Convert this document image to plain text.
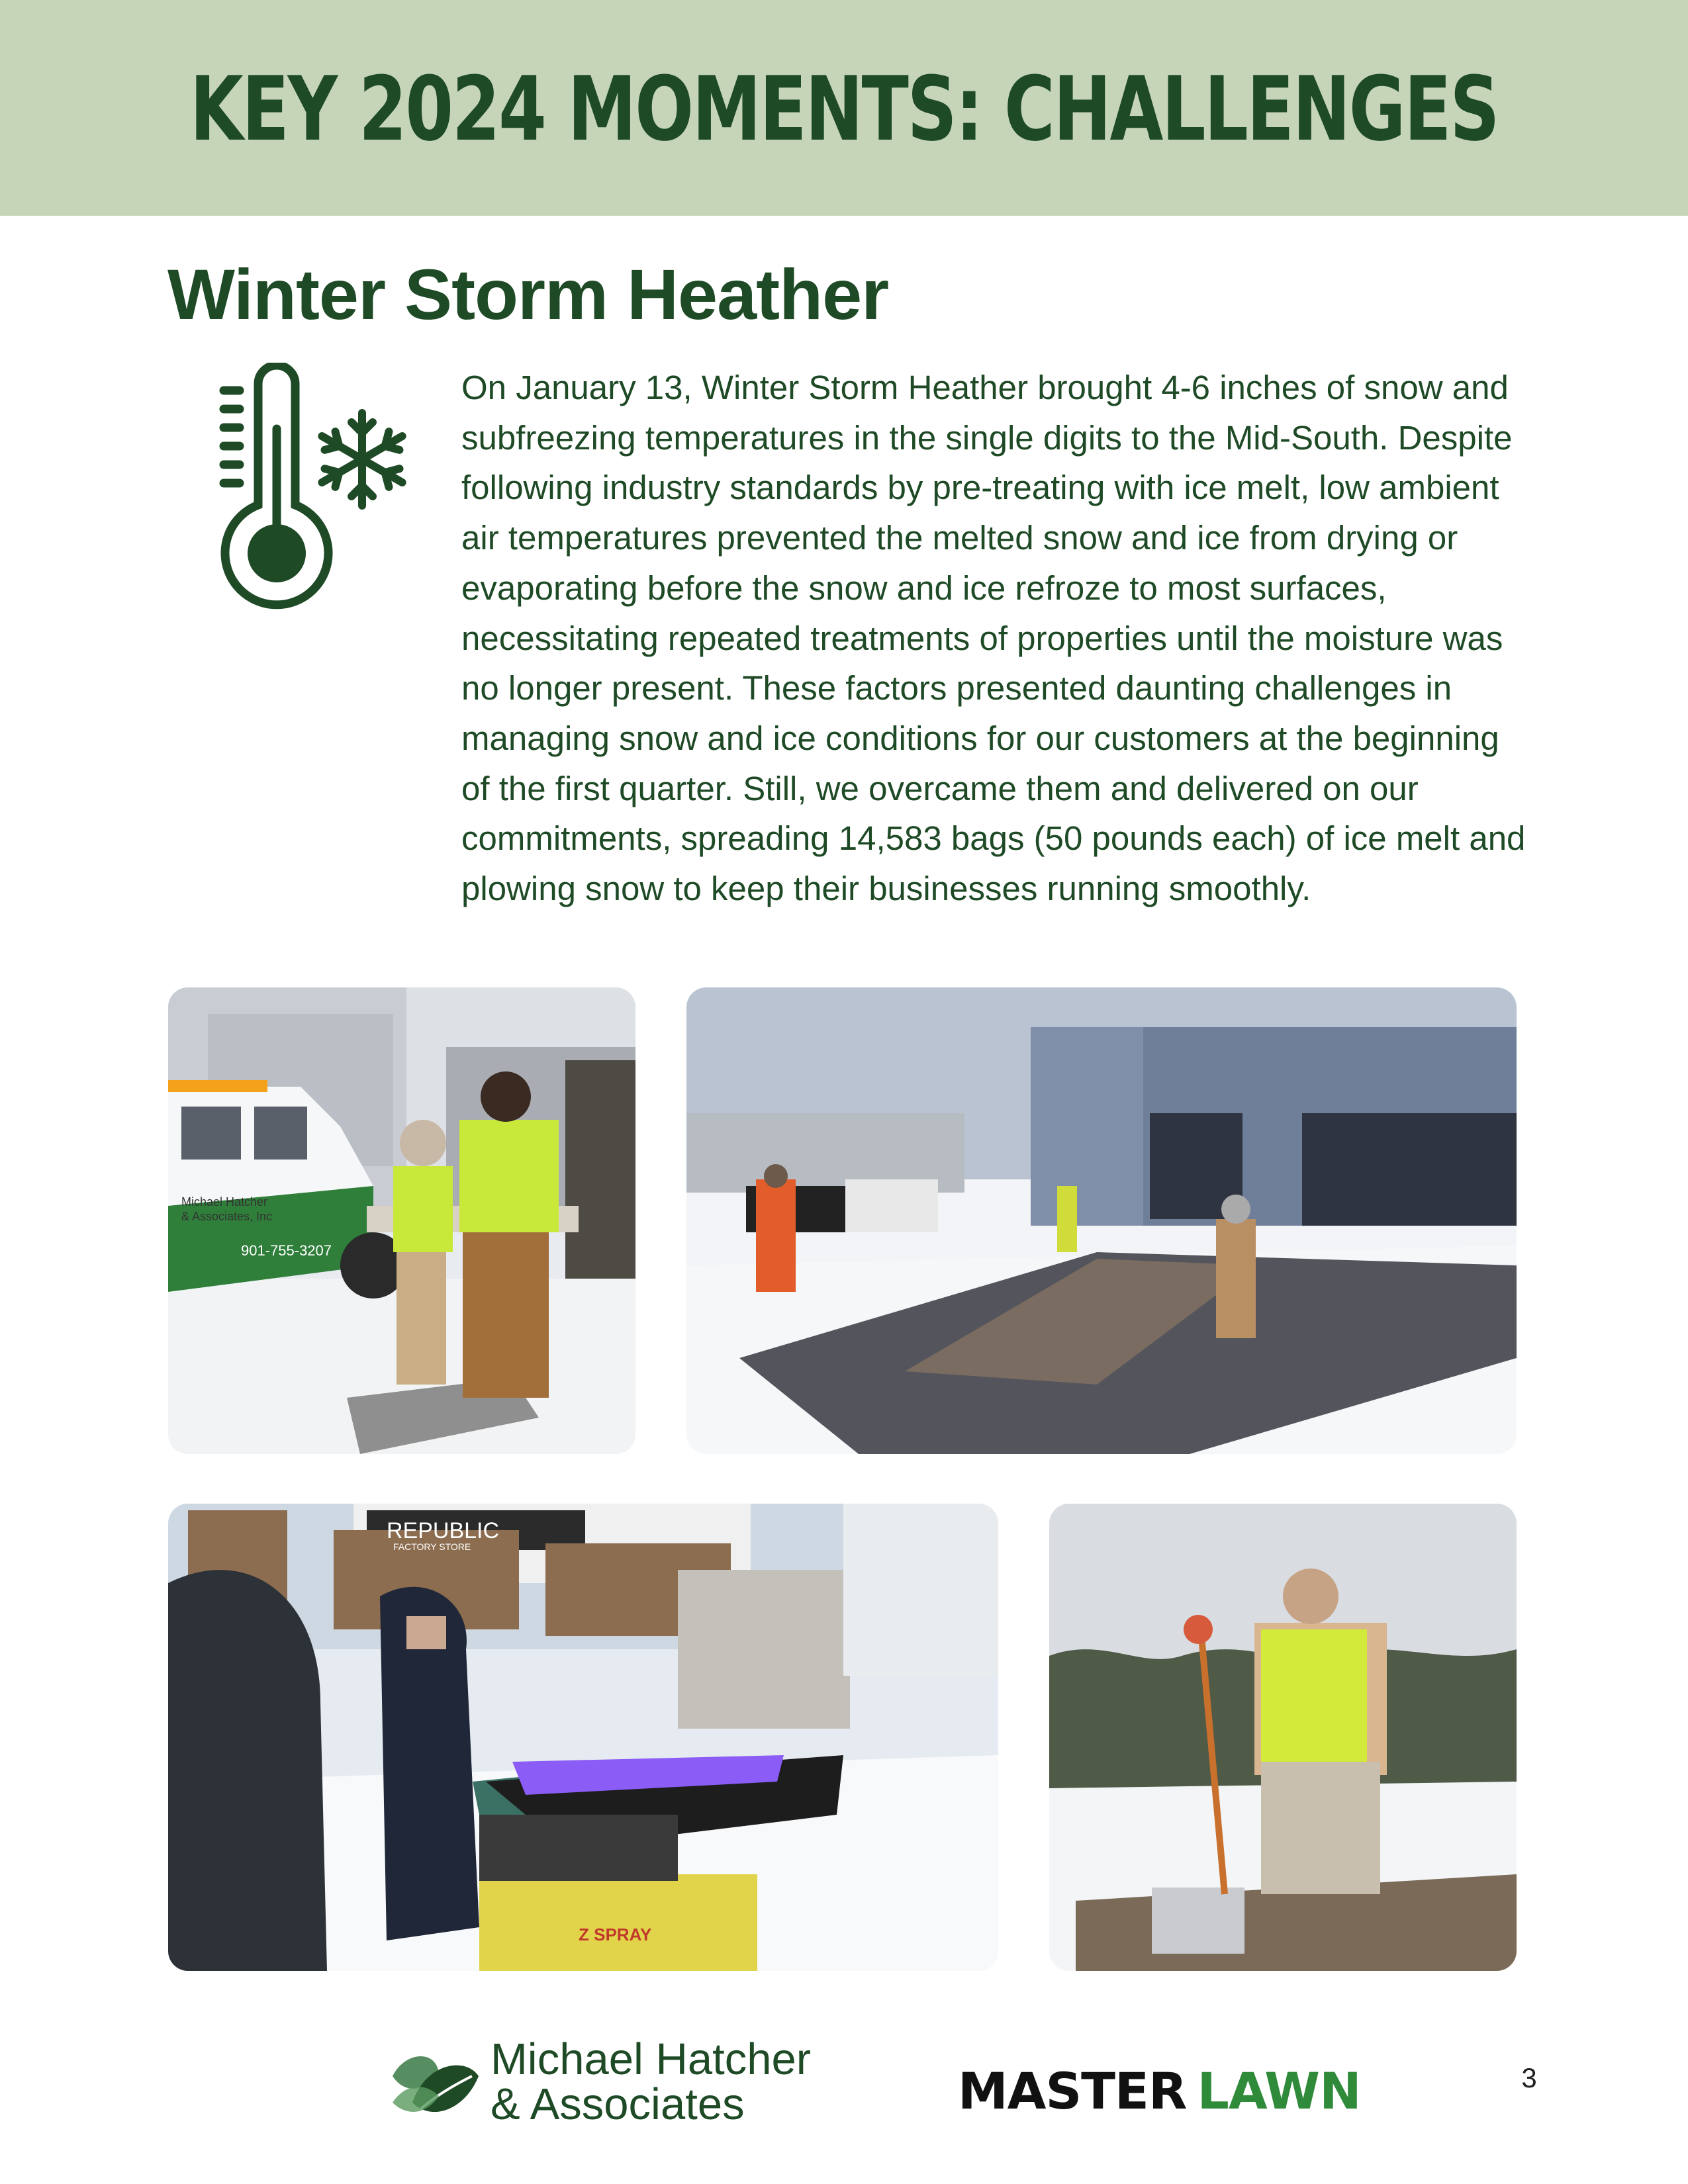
KEY 2024 MOMENTS: CHALLENGES
Winter Storm Heather

On January 13, Winter Storm Heather brought 4-6 inches of snow and subfreezing temperatures in the single digits to the Mid-South. Despite following industry standards by pre-treating with ice melt, low ambient air temperatures prevented the melted snow and ice from drying or evaporating before the snow and ice refroze to most surfaces, necessitating repeated treatments of properties until the moisture was no longer present. These factors presented daunting challenges in managing snow and ice conditions for our customers at the beginning of the first quarter. Still, we overcame them and delivered on our commitments, spreading 14,583 bags (50 pounds each) of ice melt and plowing snow to keep their businesses running smoothly.

Michael Hatcher
& Associates, Inc
901-755-3207
REPUBLIC
FACTORY STORE
Z SPRAY
Michael Hatcher
& Associates	MASTER LAWN	3
